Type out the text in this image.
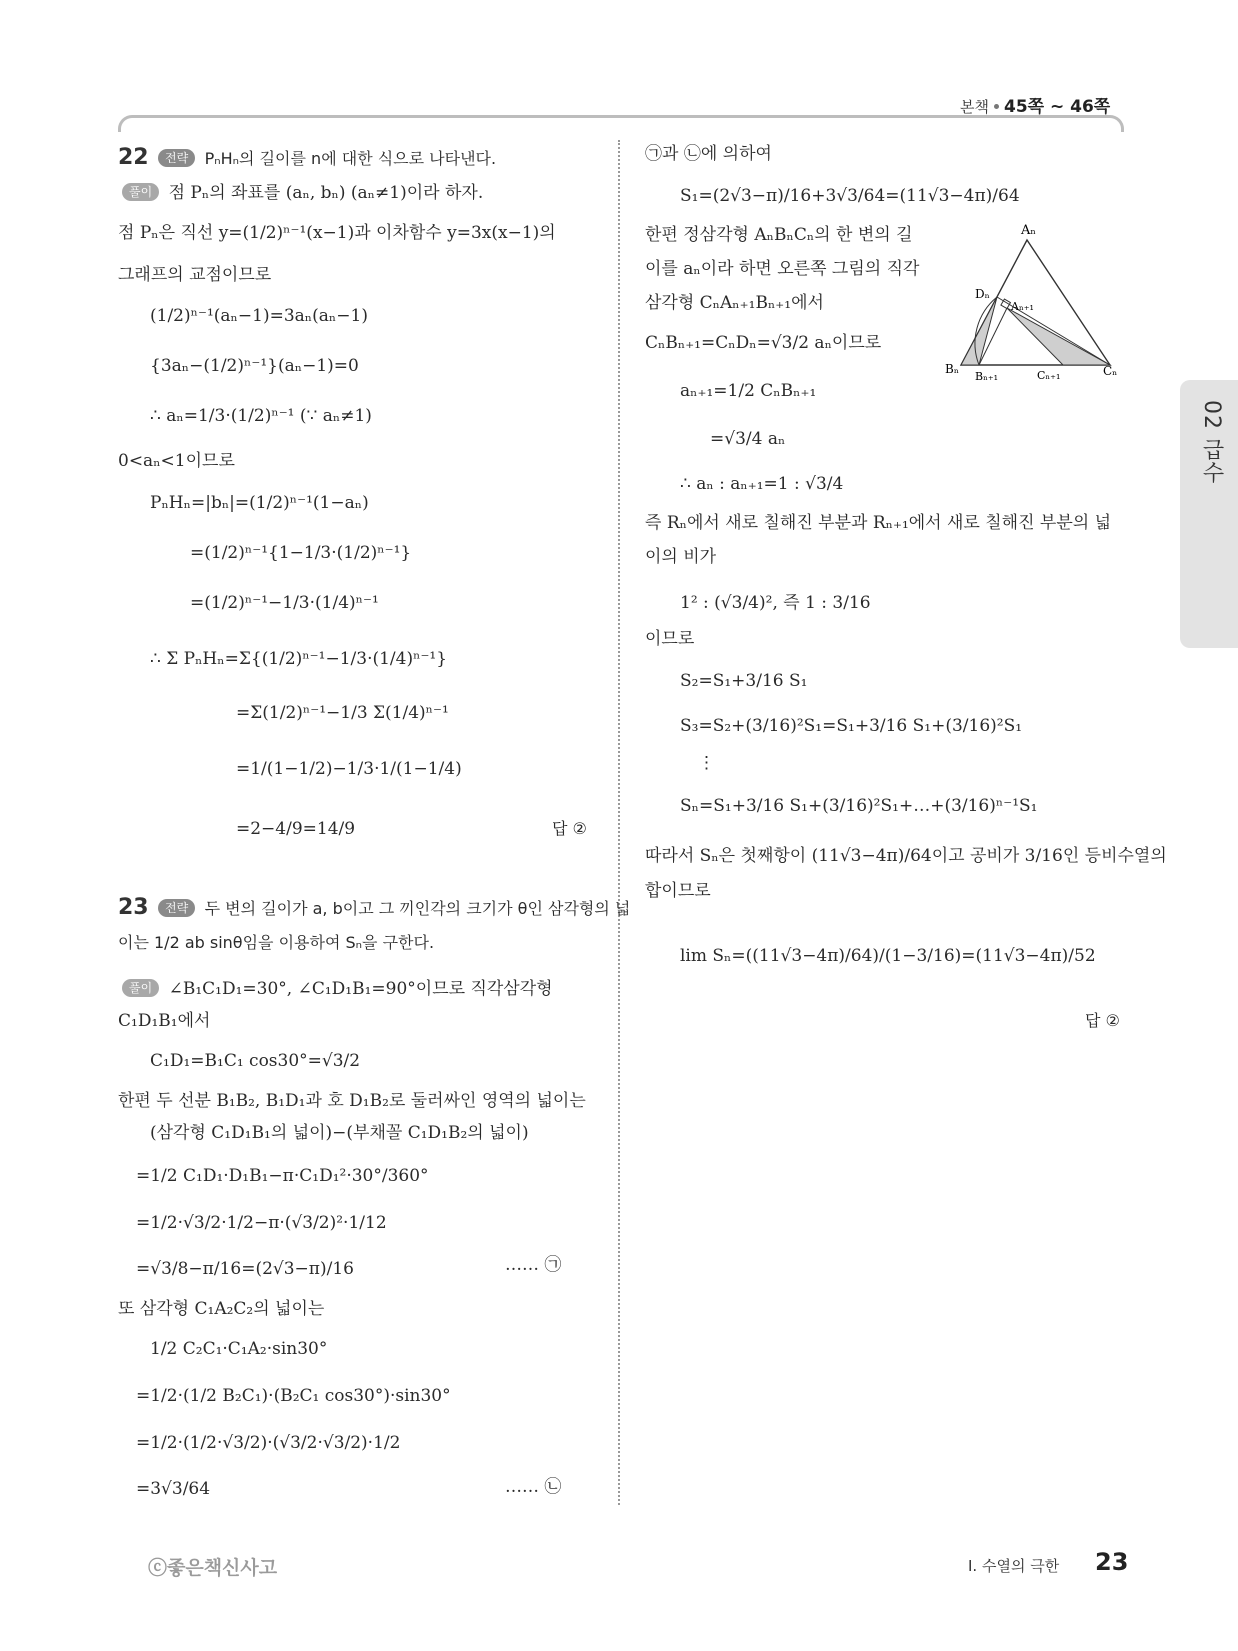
본책 45쪽 ~ 46쪽
02 급수
22 전략 PₙHₙ의 길이를 n에 대한 식으로 나타낸다.
풀이 점 Pₙ의 좌표를 (aₙ, bₙ) (aₙ≠1)이라 하자.
점 Pₙ은 직선 y=(1/2)ⁿ⁻¹(x−1)과 이차함수 y=3x(x−1)의
그래프의 교점이므로
(1/2)ⁿ⁻¹(aₙ−1)=3aₙ(aₙ−1)
{3aₙ−(1/2)ⁿ⁻¹}(aₙ−1)=0
∴ aₙ=1/3·(1/2)ⁿ⁻¹ (∵ aₙ≠1)
0<aₙ<1이므로
PₙHₙ=|bₙ|=(1/2)ⁿ⁻¹(1−aₙ)
=(1/2)ⁿ⁻¹{1−1/3·(1/2)ⁿ⁻¹}
=(1/2)ⁿ⁻¹−1/3·(1/4)ⁿ⁻¹
∴ Σ PₙHₙ=Σ{(1/2)ⁿ⁻¹−1/3·(1/4)ⁿ⁻¹}
=Σ(1/2)ⁿ⁻¹−1/3 Σ(1/4)ⁿ⁻¹
=1/(1−1/2)−1/3·1/(1−1/4)
=2−4/9=14/9	답 ②
23 전략 두 변의 길이가 a, b이고 그 끼인각의 크기가 θ인 삼각형의 넓
이는 1/2 ab sinθ임을 이용하여 Sₙ을 구한다.
풀이 ∠B₁C₁D₁=30°, ∠C₁D₁B₁=90°이므로 직각삼각형
C₁D₁B₁에서
C₁D₁=B₁C₁ cos30°=√3/2
한편 두 선분 B₁B₂, B₁D₁과 호 D₁B₂로 둘러싸인 영역의 넓이는
(삼각형 C₁D₁B₁의 넓이)−(부채꼴 C₁D₁B₂의 넓이)
=1/2 C₁D₁·D₁B₁−π·C₁D₁²·30°/360°
=1/2·√3/2·1/2−π·(√3/2)²·1/12
=√3/8−π/16=(2√3−π)/16	…… ㉠
또 삼각형 C₁A₂C₂의 넓이는
1/2 C₂C₁·C₁A₂·sin30°
=1/2·(1/2 B₂C₁)·(B₂C₁ cos30°)·sin30°
=1/2·(1/2·√3/2)·(√3/2·√3/2)·1/2
=3√3/64	…… ㉡
㉠과 ㉡에 의하여
S₁=(2√3−π)/16+3√3/64=(11√3−4π)/64
한편 정삼각형 AₙBₙCₙ의 한 변의 길
이를 aₙ이라 하면 오른쪽 그림의 직각
삼각형 CₙAₙ₊₁Bₙ₊₁에서
CₙBₙ₊₁=CₙDₙ=√3/2 aₙ이므로
aₙ₊₁=1/2 CₙBₙ₊₁
=√3/4 aₙ
∴ aₙ : aₙ₊₁=1 : √3/4
즉 Rₙ에서 새로 칠해진 부분과 Rₙ₊₁에서 새로 칠해진 부분의 넓
이의 비가
1² : (√3/4)², 즉 1 : 3/16
이므로
S₂=S₁+3/16 S₁
S₃=S₂+(3/16)²S₁=S₁+3/16 S₁+(3/16)²S₁
⋮
Sₙ=S₁+3/16 S₁+(3/16)²S₁+…+(3/16)ⁿ⁻¹S₁
따라서 Sₙ은 첫째항이 (11√3−4π)/64이고 공비가 3/16인 등비수열의
합이므로
lim Sₙ=((11√3−4π)/64)/(1−3/16)=(11√3−4π)/52
답 ②
Aₙ
Dₙ
Aₙ₊₁
Bₙ
Bₙ₊₁	Cₙ₊₁	Cₙ
ⓒ좋은책신사고	Ⅰ. 수열의 극한 23
